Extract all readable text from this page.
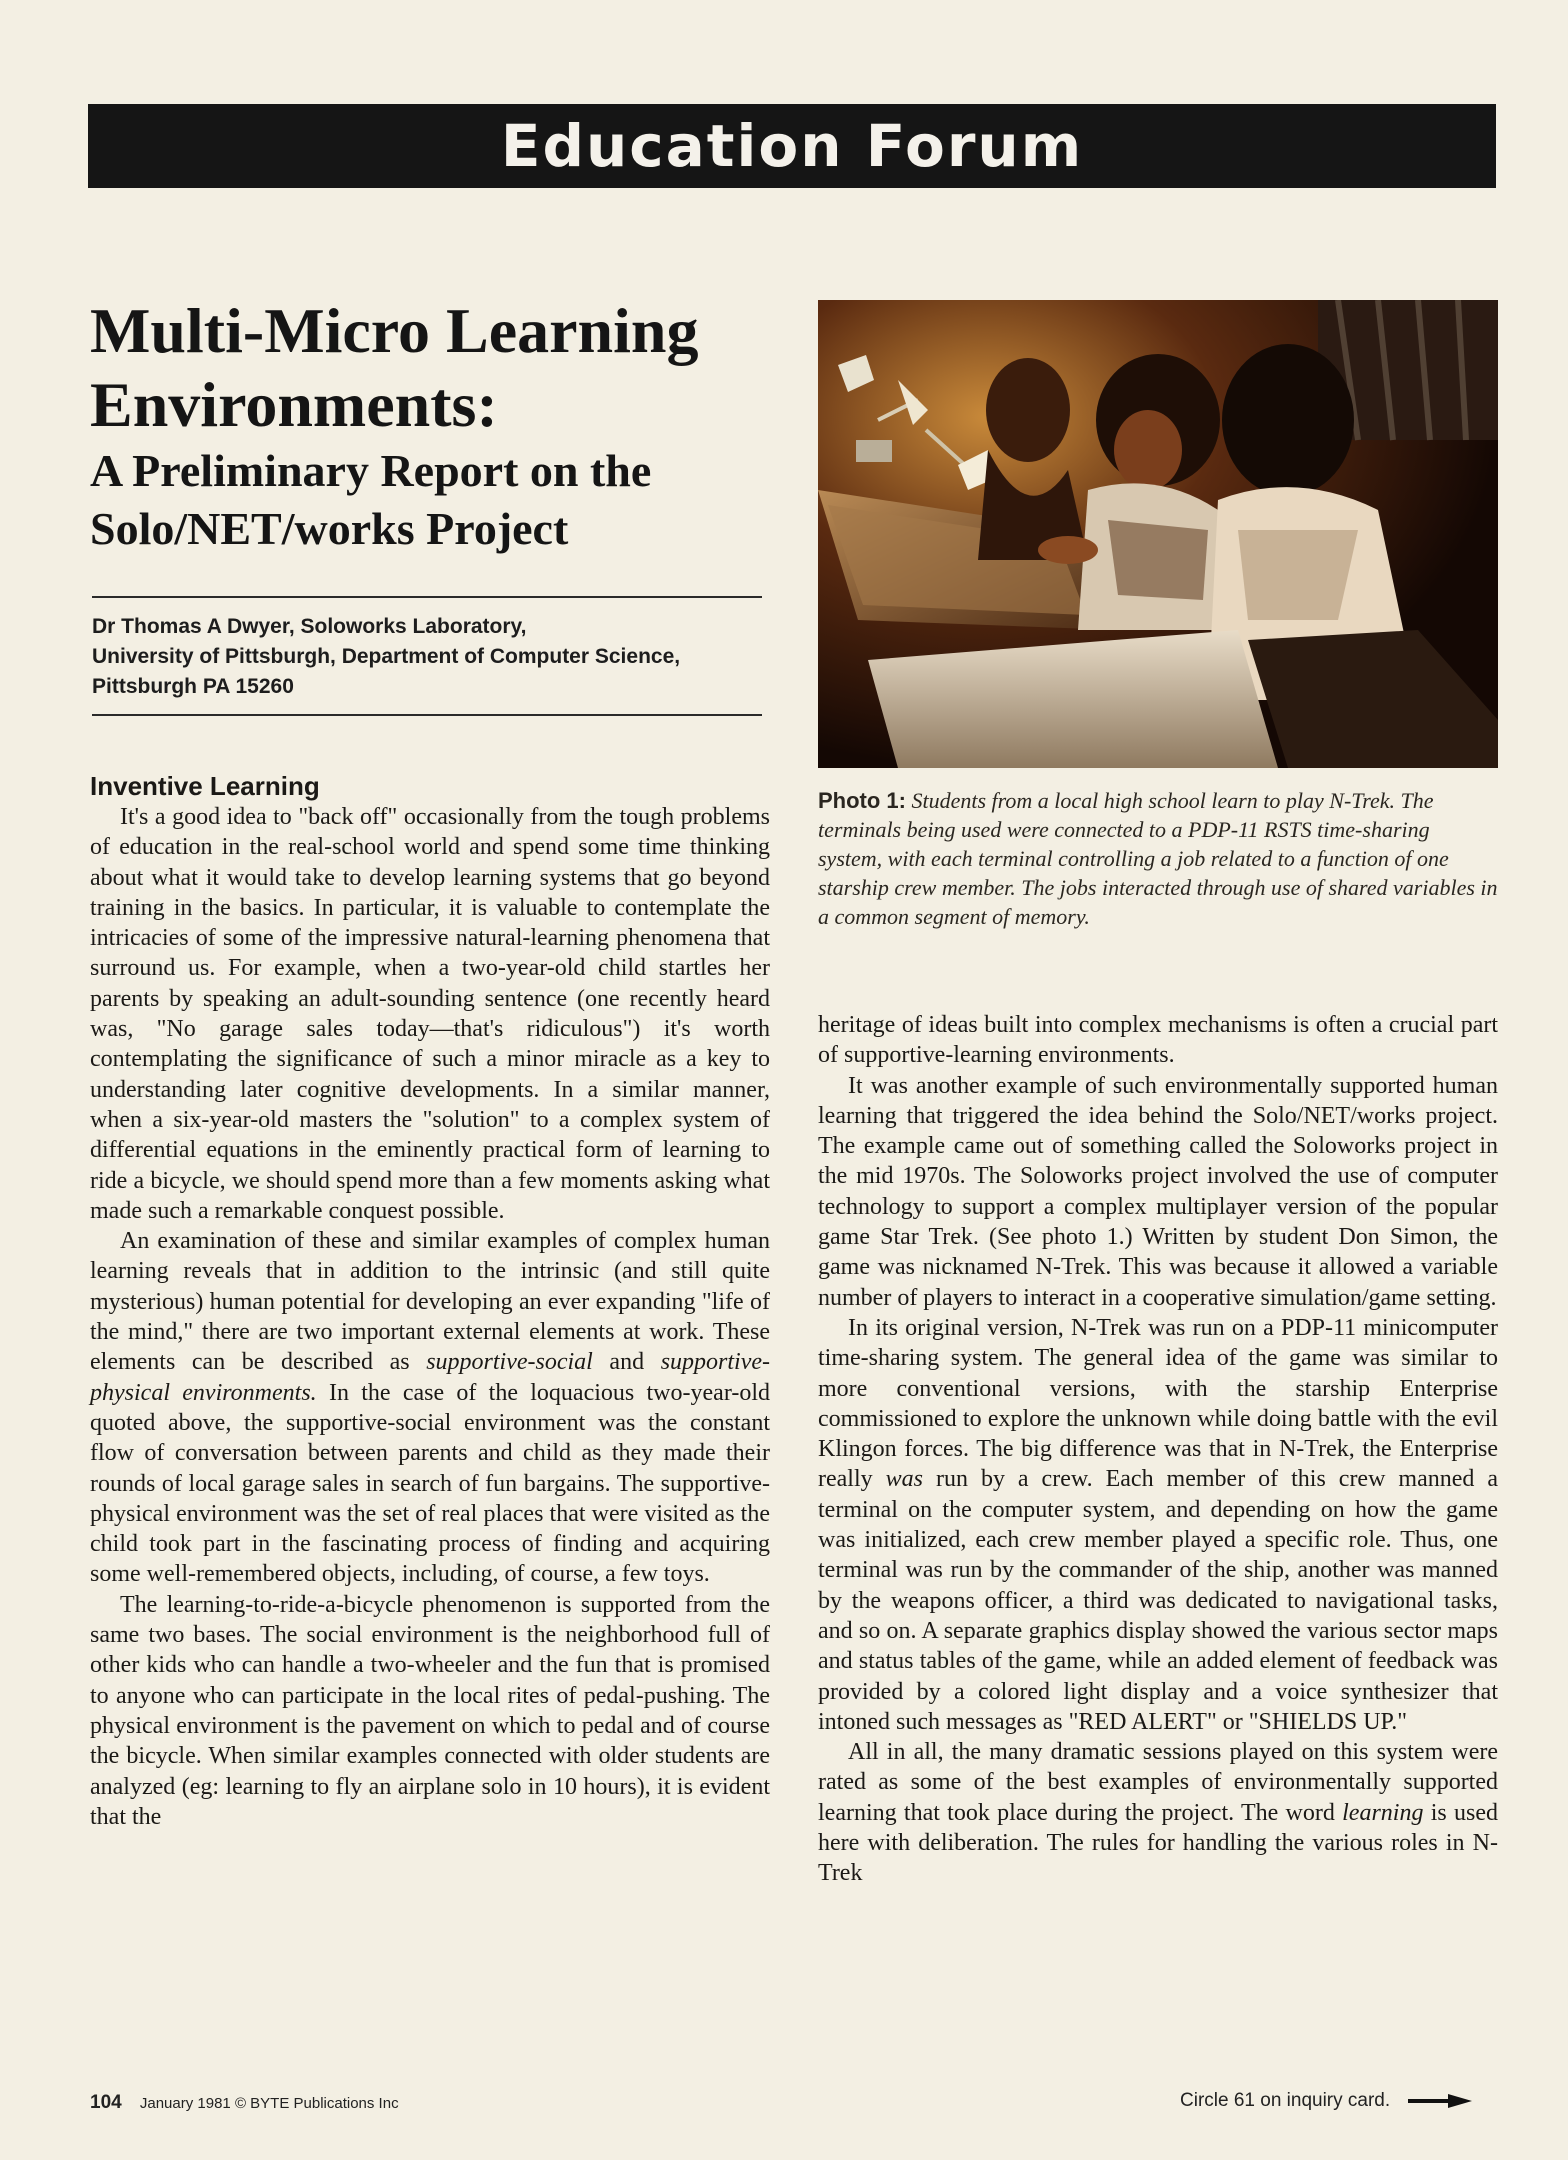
Education Forum
Multi-Micro Learning
Environments:
A Preliminary Report on the
Solo/NET/works Project
Dr Thomas A Dwyer, Soloworks Laboratory,
University of Pittsburgh, Department of Computer Science,
Pittsburgh PA 15260
Photo 1: Students from a local high school learn to play N-Trek. The terminals being used were connected to a PDP-11 RSTS time-sharing system, with each terminal controlling a job related to a function of one starship crew member. The jobs interacted through use of shared variables in a common segment of memory.
Inventive Learning

It's a good idea to "back off" occasionally from the tough problems of education in the real-school world and spend some time thinking about what it would take to develop learning systems that go beyond training in the basics. In particular, it is valuable to contemplate the intricacies of some of the impressive natural-learning phenomena that surround us. For example, when a two-year-old child startles her parents by speaking an adult-sounding sentence (one recently heard was, "No garage sales today—that's ridiculous") it's worth contemplating the significance of such a minor miracle as a key to understanding later cognitive developments. In a similar manner, when a six-year-old masters the "solution" to a complex system of differential equations in the eminently practical form of learning to ride a bicycle, we should spend more than a few moments asking what made such a remarkable conquest possible.

An examination of these and similar examples of complex human learning reveals that in addition to the intrinsic (and still quite mysterious) human potential for developing an ever expanding "life of the mind," there are two important external elements at work. These elements can be described as supportive-social and supportive-physical environments. In the case of the loquacious two-year-old quoted above, the supportive-social environment was the constant flow of conversation between parents and child as they made their rounds of local garage sales in search of fun bargains. The supportive-physical environment was the set of real places that were visited as the child took part in the fascinating process of finding and acquiring some well-remembered objects, including, of course, a few toys.

The learning-to-ride-a-bicycle phenomenon is supported from the same two bases. The social environment is the neighborhood full of other kids who can handle a two-wheeler and the fun that is promised to anyone who can participate in the local rites of pedal-pushing. The physical environment is the pavement on which to pedal and of course the bicycle. When similar examples connected with older students are analyzed (eg: learning to fly an airplane solo in 10 hours), it is evident that the

heritage of ideas built into complex mechanisms is often a crucial part of supportive-learning environments.

It was another example of such environmentally supported human learning that triggered the idea behind the Solo/NET/works project. The example came out of something called the Soloworks project in the mid 1970s. The Soloworks project involved the use of computer technology to support a complex multiplayer version of the popular game Star Trek. (See photo 1.) Written by student Don Simon, the game was nicknamed N-Trek. This was because it allowed a variable number of players to interact in a cooperative simulation/game setting.

In its original version, N-Trek was run on a PDP-11 minicomputer time-sharing system. The general idea of the game was similar to more conventional versions, with the starship Enterprise commissioned to explore the unknown while doing battle with the evil Klingon forces. The big difference was that in N-Trek, the Enterprise really was run by a crew. Each member of this crew manned a terminal on the computer system, and depending on how the game was initialized, each crew member played a specific role. Thus, one terminal was run by the commander of the ship, another was manned by the weapons officer, a third was dedicated to navigational tasks, and so on. A separate graphics display showed the various sector maps and status tables of the game, while an added element of feedback was provided by a colored light display and a voice synthesizer that intoned such messages as "RED ALERT" or "SHIELDS UP."

All in all, the many dramatic sessions played on this system were rated as some of the best examples of environmentally supported learning that took place during the project. The word learning is used here with deliberation. The rules for handling the various roles in N-Trek

104 January 1981 © BYTE Publications Inc	Circle 61 on inquiry card.
